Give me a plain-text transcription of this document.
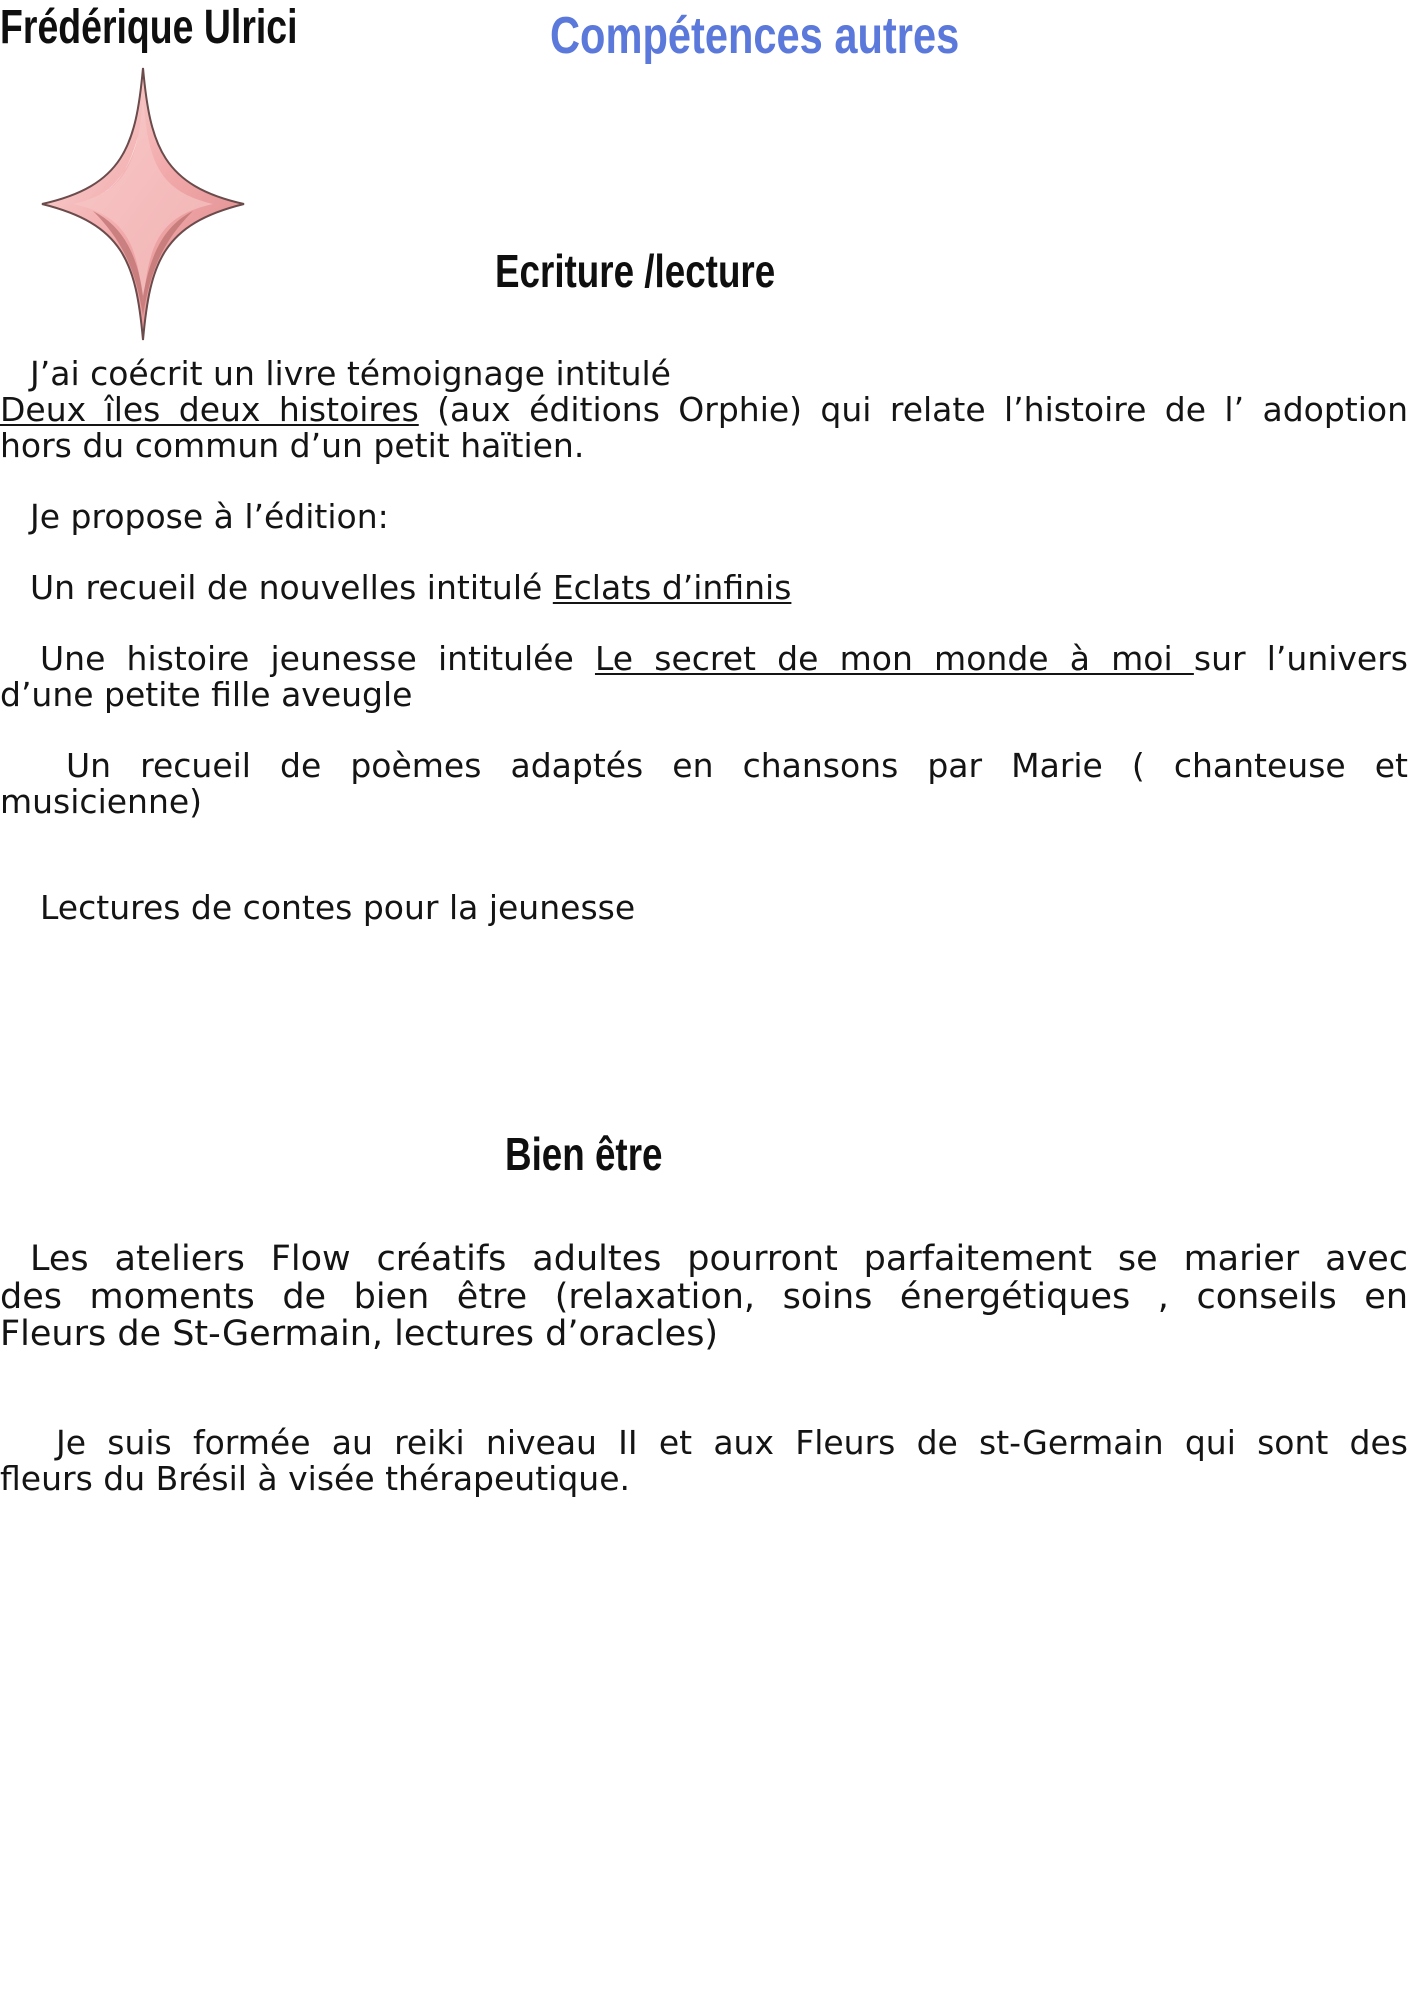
Frédérique Ulrici	Compétences autres
Ecriture /lecture
J’ai coécrit un livre témoignage intitulé
Deux îles deux histoires (aux éditions Orphie) qui relate l’histoire de l’ adoption
hors du commun d’un petit haïtien.
Je propose à l’édition:
Un recueil de nouvelles intitulé Eclats d’infinis
Une histoire jeunesse intitulée Le secret de mon monde à moi sur l’univers
d’une petite fille aveugle
Un recueil de poèmes adaptés en chansons par Marie ( chanteuse et
musicienne)
Lectures de contes pour la jeunesse
Bien être
Les ateliers Flow créatifs adultes pourront parfaitement se marier avec
des moments de bien être (relaxation, soins énergétiques , conseils en
Fleurs de St-Germain, lectures d’oracles)
Je suis formée au reiki niveau II et aux Fleurs de st-Germain qui sont des
fleurs du Brésil à visée thérapeutique.
